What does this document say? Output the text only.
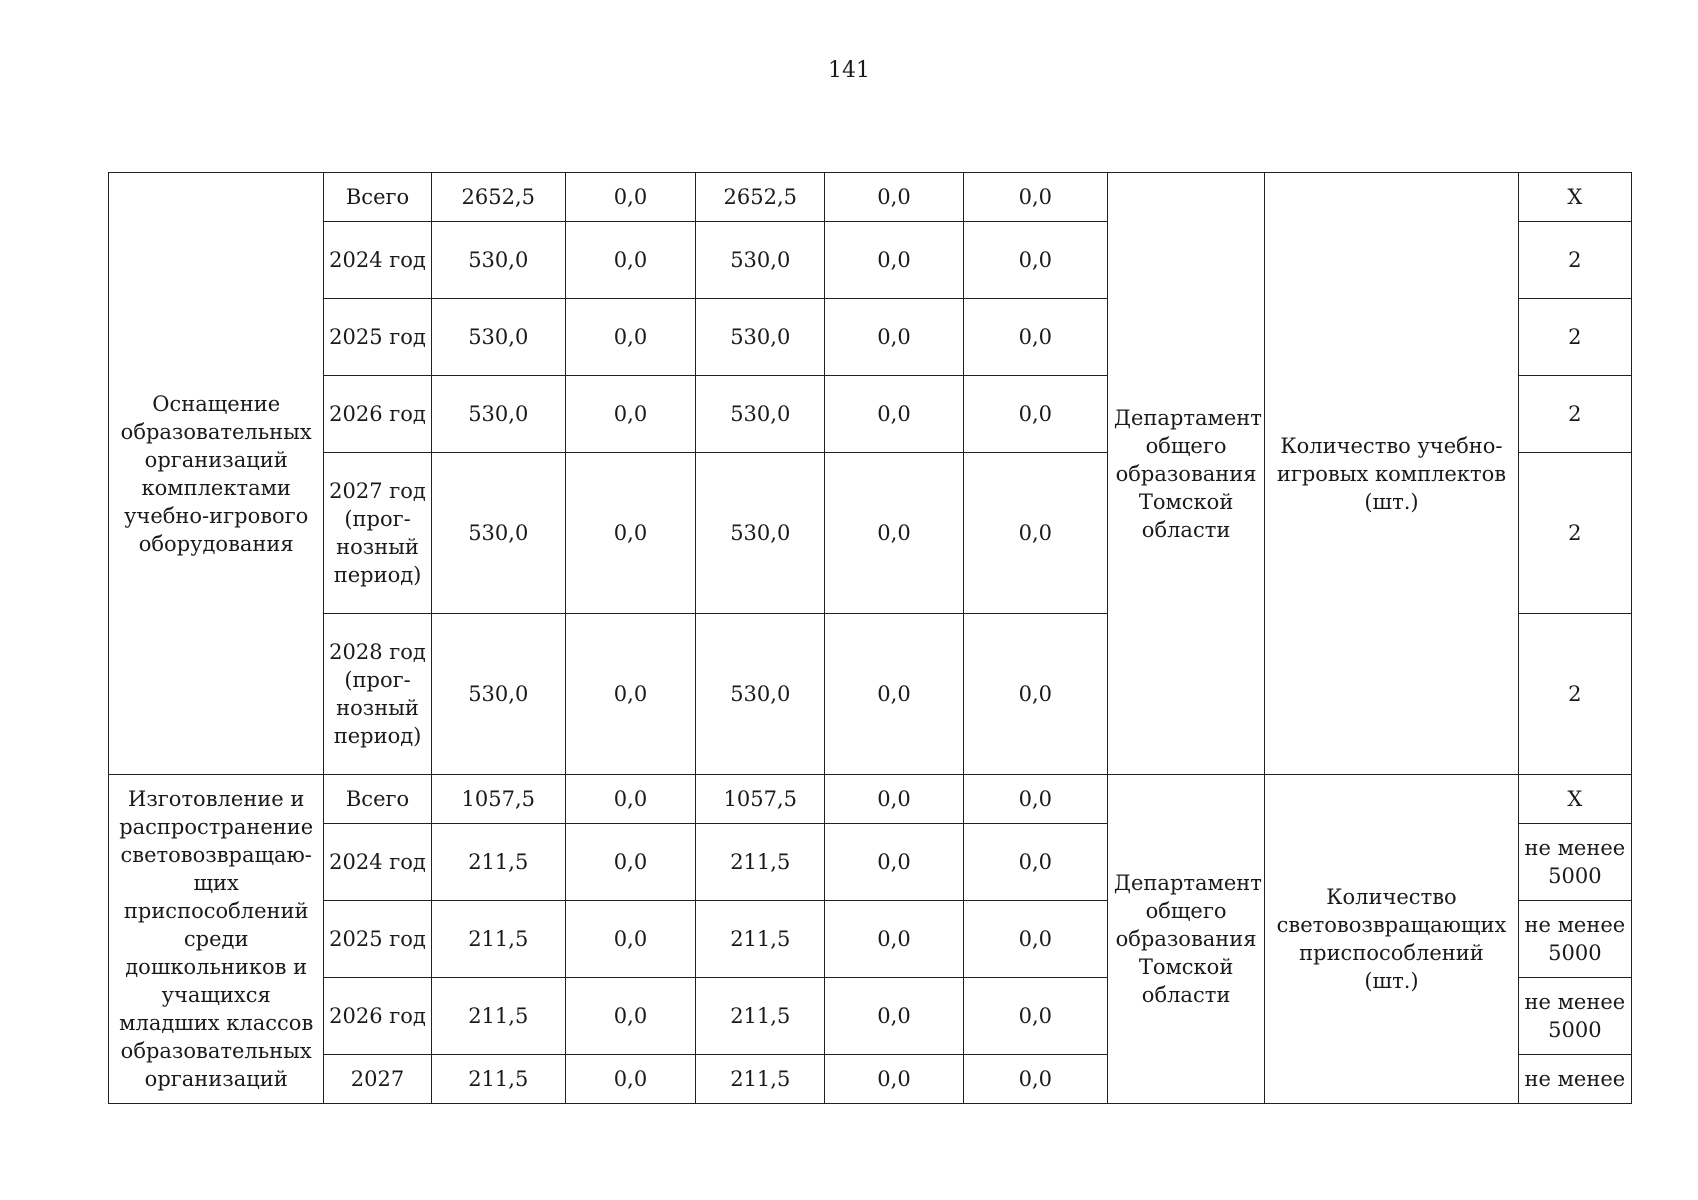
141
Оснащение образовательных организаций комплектами учебно-игрового оборудования	Всего	2652,5	0,0	2652,5	0,0	0,0	Департамент общего образования Томской области	Количество учебно-игровых комплектов (шт.)	X
	2024 год	530,0	0,0	530,0	0,0	0,0			2
	2025 год	530,0	0,0	530,0	0,0	0,0			2
	2026 год	530,0	0,0	530,0	0,0	0,0			2
	2027 год (прог-нозный период)	530,0	0,0	530,0	0,0	0,0			2
	2028 год (прог-нозный период)	530,0	0,0	530,0	0,0	0,0			2
Изготовление и распространение световозвращаю-щих приспособлений среди дошкольников и учащихся младших классов образовательных организаций	Всего	1057,5	0,0	1057,5	0,0	0,0	Департамент общего образования Томской области	Количество световозвращающих приспособлений (шт.)	X
	2024 год	211,5	0,0	211,5	0,0	0,0			не менее 5000
	2025 год	211,5	0,0	211,5	0,0	0,0			не менее 5000
	2026 год	211,5	0,0	211,5	0,0	0,0			не менее 5000
	2027	211,5	0,0	211,5	0,0	0,0			не менее
